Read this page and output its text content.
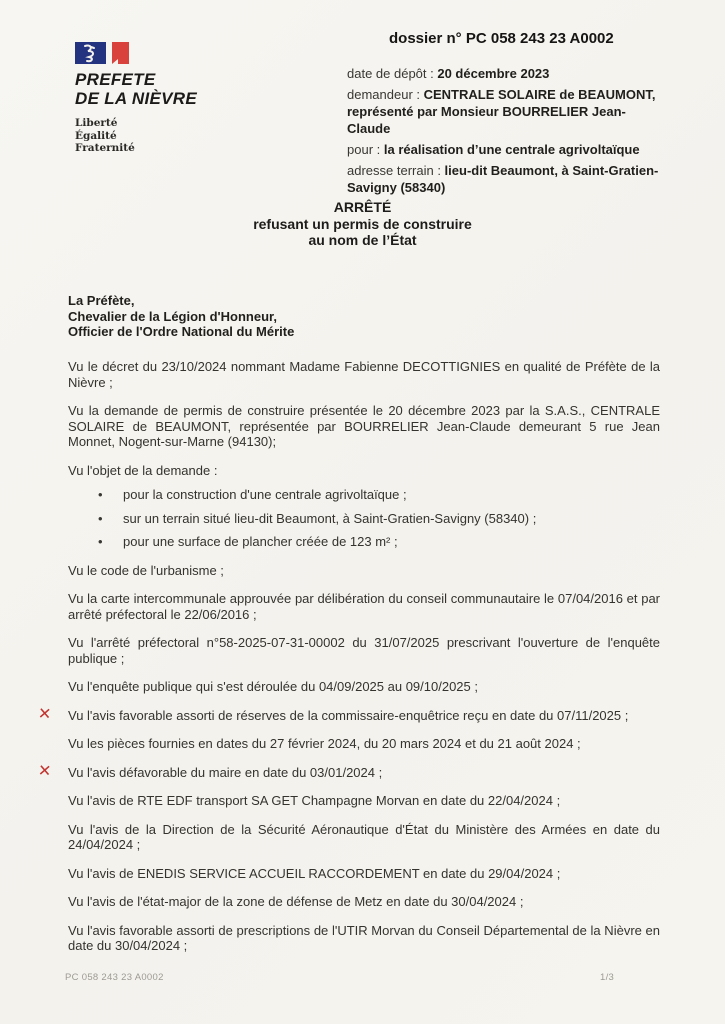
PREFETE
DE LA NIÈVRE
Liberté
Égalité
Fraternité
dossier n° PC 058 243 23 A0002
date de dépôt : 20 décembre 2023
demandeur : CENTRALE SOLAIRE de BEAUMONT, représenté par Monsieur BOURRELIER Jean-Claude
pour : la réalisation d’une centrale agrivoltaïque
adresse terrain : lieu-dit Beaumont, à Saint-Gratien-Savigny (58340)
ARRÊTÉ
refusant un permis de construire
au nom de l’État
La Préfète,
Chevalier de la Légion d'Honneur,
Officier de l'Ordre National du Mérite

Vu le décret du 23/10/2024 nommant Madame Fabienne DECOTTIGNIES en qualité de Préfète de la Nièvre ;

Vu la demande de permis de construire présentée le 20 décembre 2023 par la S.A.S., CENTRALE SOLAIRE de BEAUMONT, représentée par BOURRELIER Jean-Claude demeurant 5 rue Jean Monnet, Nogent-sur-Marne (94130);

Vu l'objet de la demande :
• pour la construction d'une centrale agrivoltaïque ;
• sur un terrain situé lieu-dit Beaumont, à Saint-Gratien-Savigny (58340) ;
• pour une surface de plancher créée de 123 m² ;

Vu le code de l'urbanisme ;

Vu la carte intercommunale approuvée par délibération du conseil communautaire le 07/04/2016 et par arrêté préfectoral le 22/06/2016 ;

Vu l'arrêté préfectoral n°58-2025-07-31-00002 du 31/07/2025 prescrivant l'ouverture de l'enquête publique ;

Vu l'enquête publique qui s'est déroulée du 04/09/2025 au 09/10/2025 ;

✕ Vu l'avis favorable assorti de réserves de la commissaire-enquêtrice reçu en date du 07/11/2025 ;

Vu les pièces fournies en dates du 27 février 2024, du 20 mars 2024 et du 21 août 2024 ;

✕ Vu l'avis défavorable du maire en date du 03/01/2024 ;

Vu l'avis de RTE EDF transport SA GET Champagne Morvan en date du 22/04/2024 ;

Vu l'avis de la Direction de la Sécurité Aéronautique d'État du Ministère des Armées en date du 24/04/2024 ;

Vu l'avis de ENEDIS SERVICE ACCUEIL RACCORDEMENT en date du 29/04/2024 ;

Vu l'avis de l'état-major de la zone de défense de Metz en date du 30/04/2024 ;

Vu l'avis favorable assorti de prescriptions de l'UTIR Morvan du Conseil Départemental de la Nièvre en date du 30/04/2024 ;

PC 058 243 23 A0002	1/3
